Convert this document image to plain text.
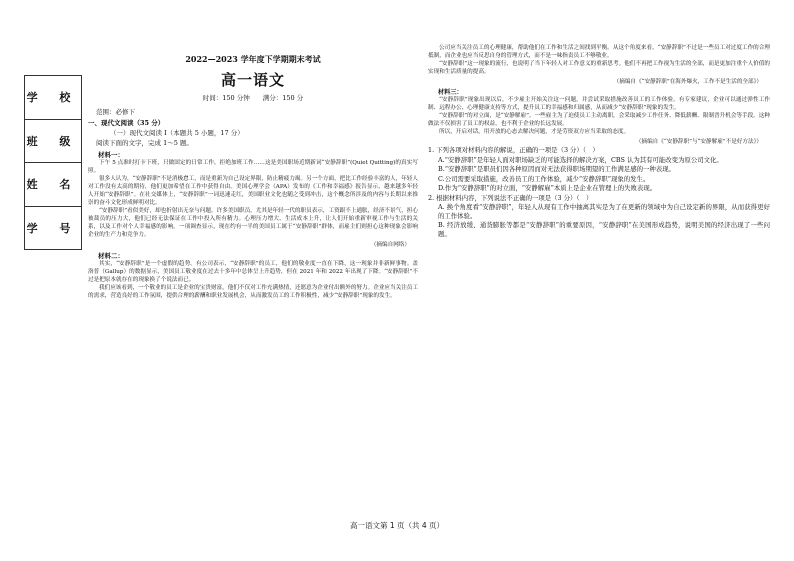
学 校
班 级
姓 名
学 号
2022—2023 学年度下学期期末考试
高一语文
时间：150 分钟　　满分：150 分
范围：必修下
一、现代文阅读（35 分）
（一）现代文阅读 I（本题共 5 小题，17 分）
阅读下面的文字，完成 1～5 题。
材料一：

下午 5 点准时打卡下班，只做固定的日常工作，拒绝加班工作……这是美国职场近期新词“安静辞职”(Quiet Quitting)的真实写照。

很多人认为，“安静辞职”不是消极怠工，而是重新为自己设定界限，防止精疲力竭。另一个方面，把比工作经验丰富的人，年轻人对工作没有太高的期待，他们更加希望在工作中获得自由。美国心理学会（APA）发布的《工作和幸福感》报告显示，越来越多年轻人开始“安静辞职”。在社交媒体上，“安静辞职”一词迅速走红，美国职业文化也随之受到冲击，这个概念所涉及的内容与长期以来推崇的奋斗文化形成鲜明对比。

“安静辞职”看似美好，却也折射出无奈与问题。许多美国职员，尤其是年轻一代的职员表示，工资跟不上通胀，经济不景气，担心被裁员的压力大，他们已经无法保证在工作中投入所有精力。心理压力增大、生活成本上升，让人们开始重新审视工作与生活的关系，以及工作对个人幸福感的影响。一项调查显示，现在约有一半的美国员工属于“安静辞职”群体，而雇主们则担心这种现象会影响企业的生产力和竞争力。

（摘编自网络）
材料二：

其实，“安静辞职”是一个虚假的趋势。有公司表示，“安静辞职”的员工，他们的敬业度一直在下降，这一现象并非新鲜事物。盖洛普（Gallup）的数据显示，美国员工敬业度在过去十多年中总体呈上升趋势，但在 2021 年和 2022 年出现了下降。“安静辞职”不过是把原本就存在的现象换了个说法而已。

我们应该看到，一个敬业的员工是企业的宝贵财富，他们不仅对工作充满热情，还愿意为企业付出额外的努力。企业应当关注员工的需求，营造良好的工作氛围，提供合理的薪酬和职业发展机会，从而激发员工的工作积极性，减少“安静辞职”现象的发生。

公司应当关注员工的心理健康，帮助他们在工作和生活之间找到平衡。从这个角度来看，“安静辞职”不过是一些员工对过度工作的合理抵制，而企业也应当反思自身的管理方式，而不是一味指责员工不够敬业。

“安静辞职”这一现象的流行，也说明了当下年轻人对工作意义的重新思考。他们不再把工作视为生活的全部，而是更加注重个人价值的实现和生活质量的提高。

（摘编自《“安静辞职”在海外爆火，工作不是生活的全部》）
材料三：

“安静辞职”现象出现以后，不少雇主开始关注这一问题，并尝试采取措施改善员工的工作体验。有专家建议，企业可以通过弹性工作制、远程办公、心理健康支持等方式，提升员工的幸福感和归属感，从而减少“安静辞职”现象的发生。

“安静辞职”的对立面，是“安静解雇”。一些雇主为了迫使员工主动离职，会采取减少工作任务、降低薪酬、限制晋升机会等手段。这种做法不仅损害了员工的权益，也不利于企业的长远发展。

所以，开启对话，用开放的心态去解决问题，才是劳资双方应当采取的态度。

（摘编自《“安静辞职”与“安静解雇”不是好方法》）
1. 下列各项对材料内容的解说，正确的一项是（3 分）（　）
A.“安静辞职”是年轻人面对职场缺乏的可能选择的解决方案，CBS 认为其有可能改变为原公司文化。
B.“安静辞职”是职员们因各种原因而对无法获得职场期望的工作满足感的一种表现。
C.公司需要采取措施，改善员工的工作体验，减少“安静辞职”现象的发生。
D.作为“安静辞职”的对立面，“安静解雇”本质上是企业在管理上的失败表现。
2. 根据材料内容，下列说法不正确的一项是（3 分）（　）
A. 换个角度看“安静辞职”，年轻人从现有工作中抽离其实是为了在更新的领域中为自己设定新的界限，从而获得更好的工作体验。
B. 经济放缓、通货膨胀等都是“安静辞职”的重要原因，“安静辞职”在美国形成趋势，说明美国的经济出现了一些问题。
高一语文第 1 页（共 4 页）
